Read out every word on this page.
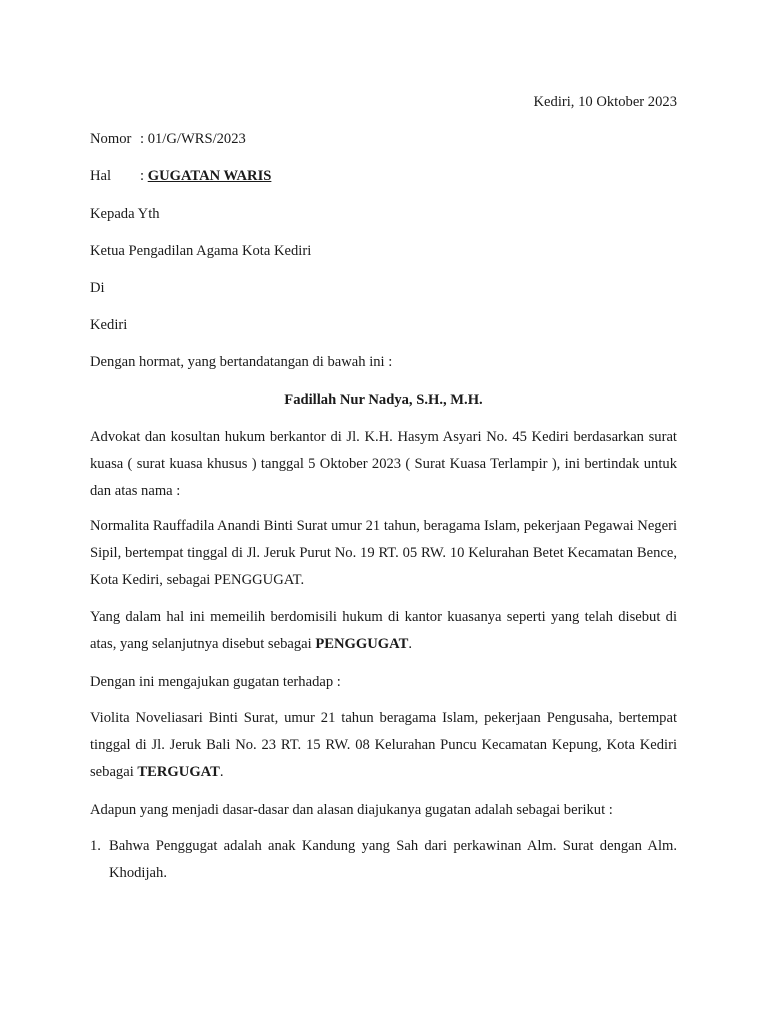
Kediri, 10 Oktober 2023
Nomor : 01/G/WRS/2023
Hal : GUGATAN WARIS
Kepada Yth
Ketua Pengadilan Agama Kota Kediri
Di
Kediri
Dengan hormat, yang bertandatangan di bawah ini :
Fadillah Nur Nadya, S.H., M.H.
Advokat dan kosultan hukum berkantor di Jl. K.H. Hasym Asyari No. 45 Kediri berdasarkan surat kuasa ( surat kuasa khusus ) tanggal 5 Oktober 2023 ( Surat Kuasa Terlampir ), ini bertindak untuk dan atas nama :
Normalita Rauffadila Anandi Binti Surat umur 21 tahun, beragama Islam, pekerjaan Pegawai Negeri Sipil, bertempat tinggal di Jl. Jeruk Purut No. 19 RT. 05 RW. 10 Kelurahan Betet Kecamatan Bence, Kota Kediri, sebagai PENGGUGAT.
Yang dalam hal ini memeilih berdomisili hukum di kantor kuasanya seperti yang telah disebut di atas, yang selanjutnya disebut sebagai PENGGUGAT.
Dengan ini mengajukan gugatan terhadap :
Violita Noveliasari Binti Surat, umur 21 tahun beragama Islam, pekerjaan Pengusaha, bertempat tinggal di Jl. Jeruk Bali No. 23 RT. 15 RW. 08 Kelurahan Puncu Kecamatan Kepung, Kota Kediri sebagai TERGUGAT.
Adapun yang menjadi dasar-dasar dan alasan diajukanya gugatan adalah sebagai berikut :
1. Bahwa Penggugat adalah anak Kandung yang Sah dari perkawinan Alm. Surat dengan Alm. Khodijah.
